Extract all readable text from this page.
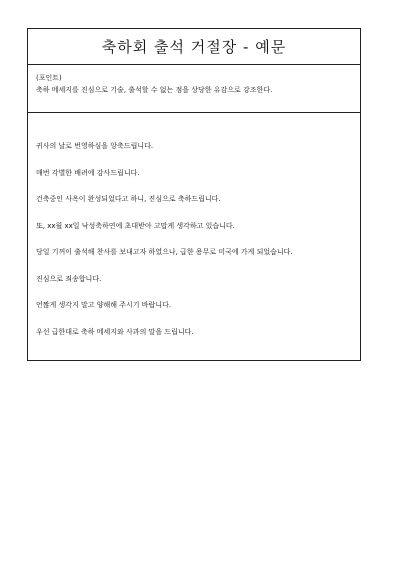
축하회 출석 거절장 - 예문
(포인트)
축하 메세지를 진심으로 기술, 출석할 수 없는 점을 상당한 유감으로 강조한다.

귀사의 날로 번영하심을 앙축드립니다.

매번 각별한 배려에 감사드립니다.

건축중인 사옥이 완성되었다고 하니, 진심으로 축하드립니다.

또, xx월 xx일 낙성축하연에 초대받아 고맙게 생각하고 있습니다.

당일 기꺼이 출석해 찬사를 보내고자 하였으나, 급한 용무로 미국에 가게 되었습니다.

진심으로 죄송합니다.

언짢게 생각지 말고 양해해 주시기 바랍니다.

우선 급한대로 축하 메세지와 사과의 말을 드립니다.
